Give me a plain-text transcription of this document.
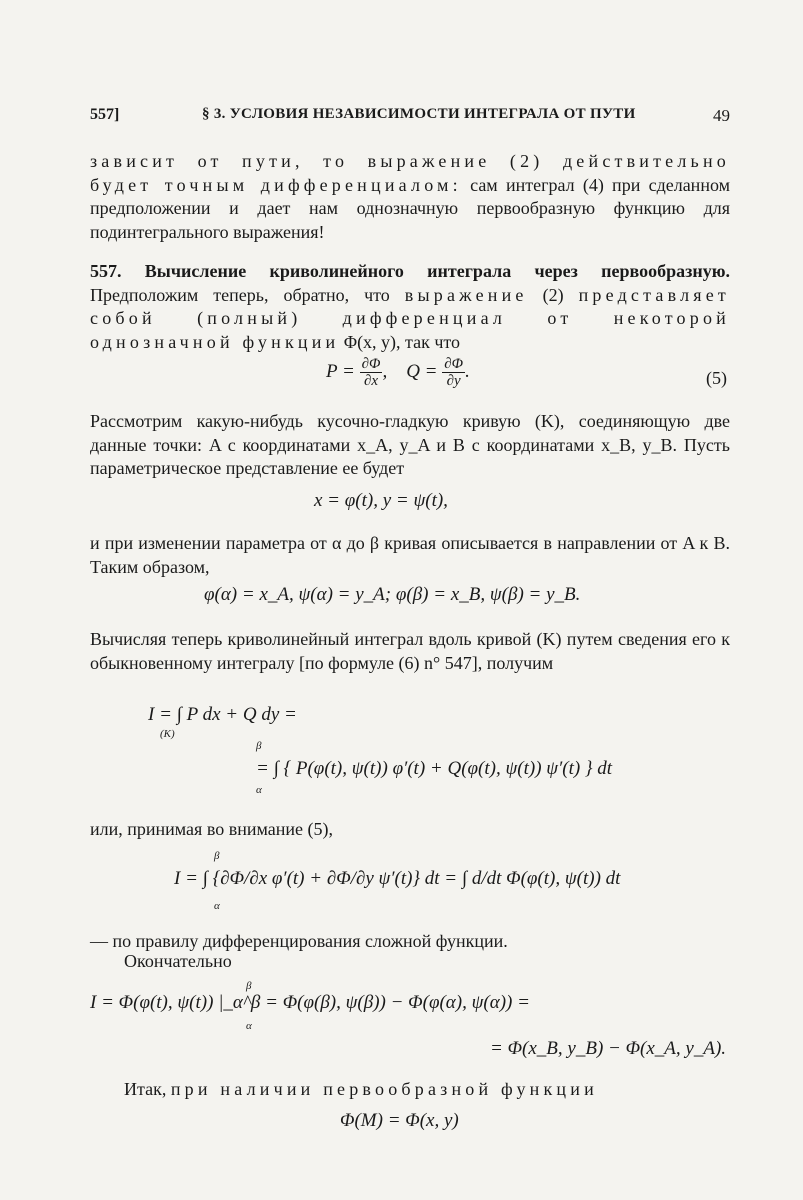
557]	§ 3. УСЛОВИЯ НЕЗАВИСИМОСТИ ИНТЕГРАЛА ОТ ПУТИ	49
зависит от пути, то выражение (2) действительно будет точным дифференциалом: сам интеграл (4) при сделанном предположении и дает нам однозначную первообразную функцию для подинтегрального выражения!
557. Вычисление криволинейного интеграла через первообразную. Предположим теперь, обратно, что выражение (2) представляет собой (полный) дифференциал от некоторой однозначной функции Φ(x, y), так что
$P = \frac{\partial\Phi}{\partial x}$ ,    $Q = \frac{\partial\Phi}{\partial y}$ .	(5)
Рассмотрим какую-нибудь кусочно-гладкую кривую (K), соединяющую две данные точки: A с координатами x_A, y_A и B с координатами x_B, y_B. Пусть параметрическое представление ее будет
x = φ(t), y = ψ(t),
и при изменении параметра от α до β кривая описывается в направлении от A к B. Таким образом,
φ(α) = x_A, ψ(α) = y_A; φ(β) = x_B, ψ(β) = y_B.
Вычисляя теперь криволинейный интеграл вдоль кривой (K) путем сведения его к обыкновенному интегралу [по формуле (6) n° 547], получим
I = ∫ P dx + Q dy =
(K)
β
= ∫ { P(φ(t), ψ(t)) φ′(t) + Q(φ(t), ψ(t)) ψ′(t) } dt
α
или, принимая во внимание (5),
β
I = ∫ {∂Φ/∂x φ′(t) + ∂Φ/∂y ψ′(t)} dt = ∫ d/dt Φ(φ(t), ψ(t)) dt
α
— по правилу дифференцирования сложной функции.
Окончательно
β
I = Φ(φ(t), ψ(t)) |_α^β = Φ(φ(β), ψ(β)) − Φ(φ(α), ψ(α)) =
α
= Φ(x_B, y_B) − Φ(x_A, y_A).
Итак, при наличии первообразной функции
Φ(M) = Φ(x, y)
